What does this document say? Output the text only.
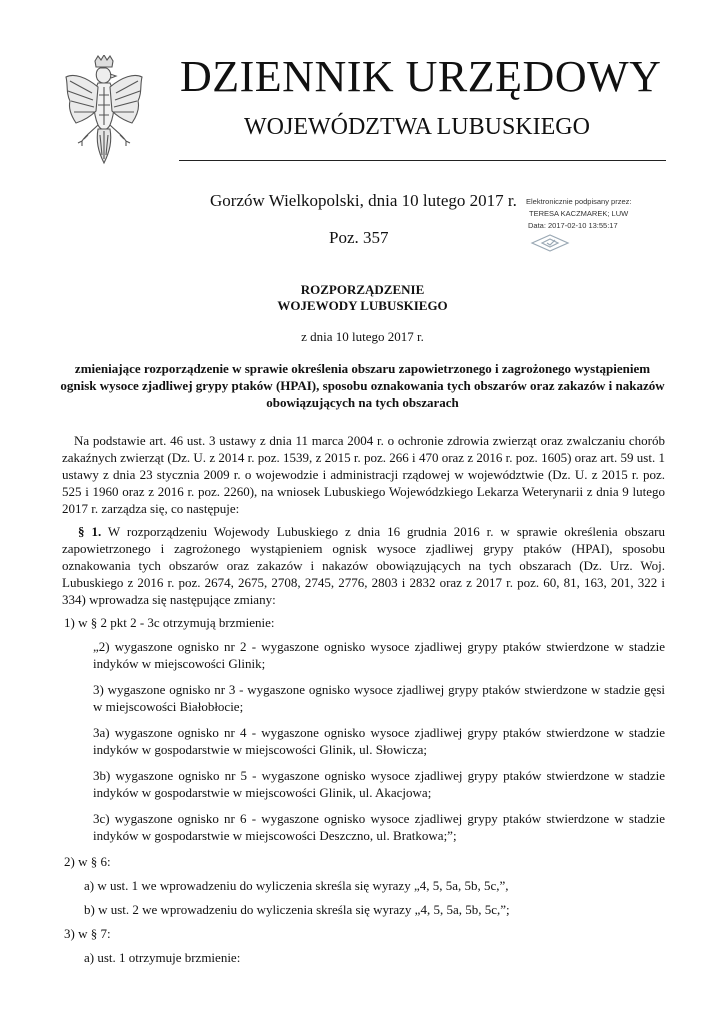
DZIENNIK URZĘDOWY
WOJEWÓDZTWA LUBUSKIEGO
Gorzów Wielkopolski, dnia 10 lutego 2017 r.
Poz. 357
Elektronicznie podpisany przez:
TERESA KACZMAREK; LUW
Data: 2017-02-10 13:55:17
ROZPORZĄDZENIE
WOJEWODY LUBUSKIEGO
z dnia 10 lutego 2017 r.
zmieniające rozporządzenie w sprawie określenia obszaru zapowietrzonego i zagrożonego wystąpieniem ognisk wysoce zjadliwej grypy ptaków (HPAI), sposobu oznakowania tych obszarów oraz zakazów i nakazów obowiązujących na tych obszarach

Na podstawie art. 46 ust. 3 ustawy z dnia 11 marca 2004 r. o ochronie zdrowia zwierząt oraz zwalczaniu chorób zakaźnych zwierząt (Dz. U. z 2014 r. poz. 1539, z 2015 r. poz. 266 i 470 oraz z 2016 r. poz. 1605) oraz art. 59 ust. 1 ustawy z dnia 23 stycznia 2009 r. o wojewodzie i administracji rządowej w województwie (Dz. U. z 2015 r. poz. 525 i 1960 oraz z 2016 r. poz. 2260), na wniosek Lubuskiego Wojewódzkiego Lekarza Weterynarii z dnia 9 lutego 2017 r. zarządza się, co następuje:

§ 1. W rozporządzeniu Wojewody Lubuskiego z dnia 16 grudnia 2016 r. w sprawie określenia obszaru zapowietrzonego i zagrożonego wystąpieniem ognisk wysoce zjadliwej grypy ptaków (HPAI), sposobu oznakowania tych obszarów oraz zakazów i nakazów obowiązujących na tych obszarach (Dz. Urz. Woj. Lubuskiego z 2016 r. poz. 2674, 2675, 2708, 2745, 2776, 2803 i 2832 oraz z 2017 r. poz. 60, 81, 163, 201, 322 i 334) wprowadza się następujące zmiany:

1) w § 2 pkt 2 - 3c otrzymują brzmienie:

„2) wygaszone ognisko nr 2 - wygaszone ognisko wysoce zjadliwej grypy ptaków stwierdzone w stadzie indyków w miejscowości Glinik;

3) wygaszone ognisko nr 3 - wygaszone ognisko wysoce zjadliwej grypy ptaków stwierdzone w stadzie gęsi w miejscowości Białobłocie;

3a) wygaszone ognisko nr 4 - wygaszone ognisko wysoce zjadliwej grypy ptaków stwierdzone w stadzie indyków w gospodarstwie w miejscowości Glinik, ul. Słowicza;

3b) wygaszone ognisko nr 5 - wygaszone ognisko wysoce zjadliwej grypy ptaków stwierdzone w stadzie indyków w gospodarstwie w miejscowości Glinik, ul. Akacjowa;

3c) wygaszone ognisko nr 6 - wygaszone ognisko wysoce zjadliwej grypy ptaków stwierdzone w stadzie indyków w gospodarstwie w miejscowości Deszczno, ul. Bratkowa;”;

2) w § 6:

a) w ust. 1 we wprowadzeniu do wyliczenia skreśla się wyrazy „4, 5, 5a, 5b, 5c,”,

b) w ust. 2 we wprowadzeniu do wyliczenia skreśla się wyrazy „4, 5, 5a, 5b, 5c,”;

3) w § 7:

a) ust. 1 otrzymuje brzmienie:
